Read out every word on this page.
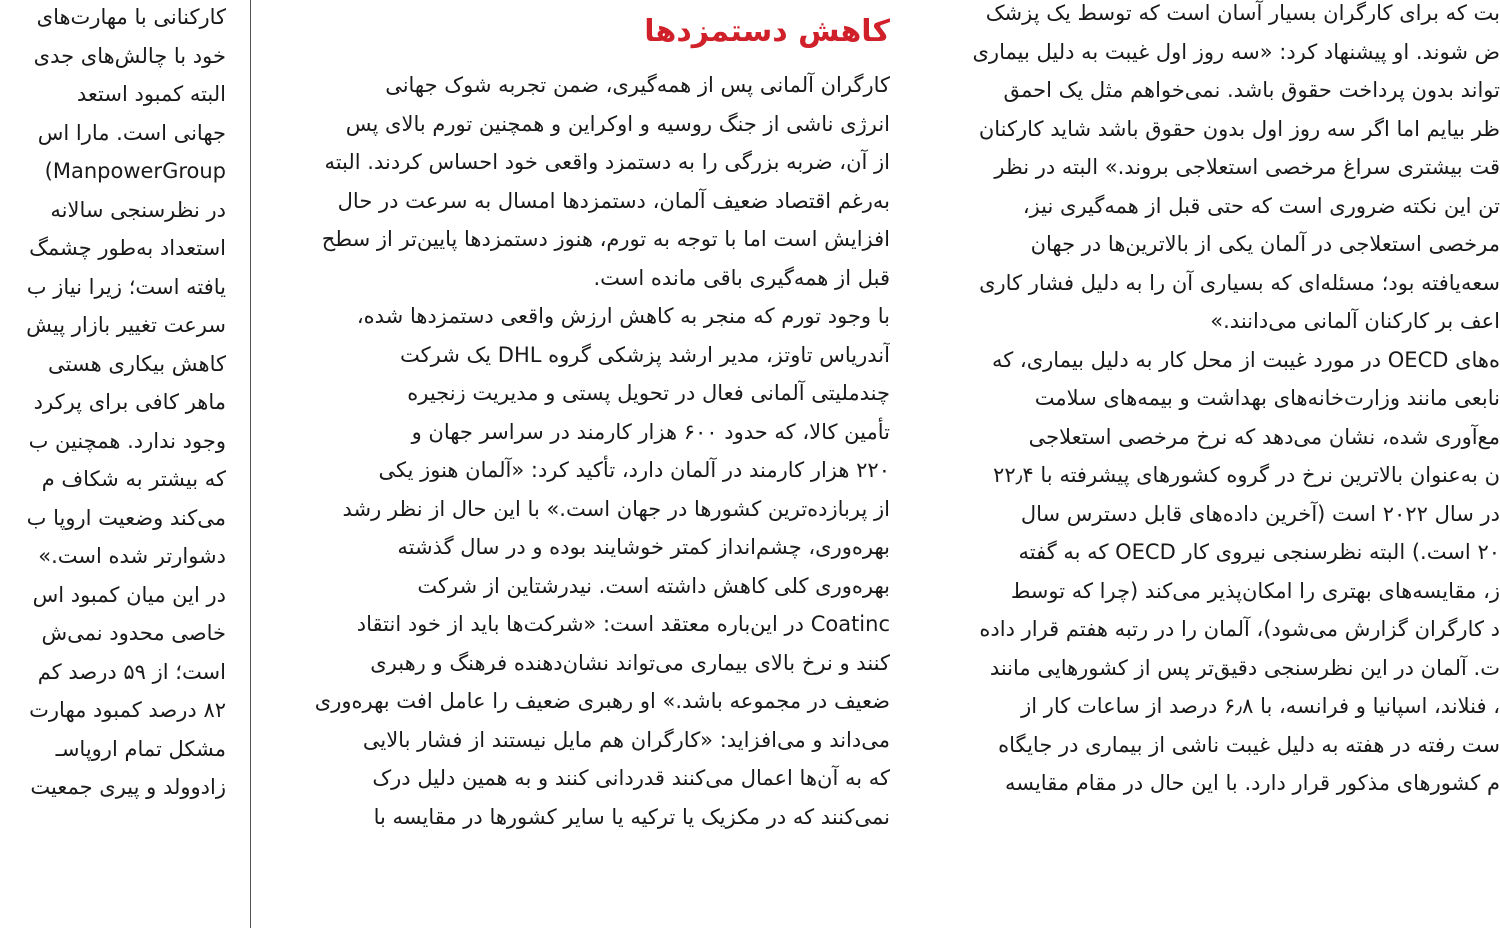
کارکنانی با مهارت‌های
خود با چالش‌های جدی
البته کمبود استعد
جهانی است. مارا اس
ManpowerGroup)
در نظرسنجی سالانه
استعداد به‌طور چشمگ
یافته است؛ زیرا نیاز ب
سرعت تغییر بازار پیش
کاهش بیکاری هستی
ماهر کافی برای پرکرد
وجود ندارد. همچنین ب
که بیشتر به شکاف م
می‌کند وضعیت اروپا ب
دشوارتر شده است.»
در این میان کمبود اس
خاصی محدود نمی‌ش
است؛ از ۵۹ درصد کم
۸۲ درصد کمبود مهارت
مشکل تمام اروپاسـ
زادوولد و پیری جمعیت
کاهش دستمزدها
کارگران آلمانی پس از همه‌گیری، ضمن تجربه شوک جهانی
انرژی ناشی از جنگ روسیه و اوکراین و همچنین تورم بالای پس
از آن، ضربه بزرگی را به دستمزد واقعی خود احساس کردند. البته
به‌رغم اقتصاد ضعیف آلمان، دستمزدها امسال به سرعت در حال
افزایش است اما با توجه به تورم، هنوز دستمزدها پایین‌تر از سطح
قبل از همه‌گیری باقی مانده است.
با وجود تورم که منجر به کاهش ارزش واقعی دستمزدها شده،
آندریاس تاوتز، مدیر ارشد پزشکی گروه DHL یک شرکت
چندملیتی آلمانی فعال در تحویل پستی و مدیریت زنجیره
تأمین کالا، که حدود ۶۰۰ هزار کارمند در سراسر جهان و
۲۲۰ هزار کارمند در آلمان دارد، تأکید کرد: «آلمان هنوز یکی
از پربازده‌ترین کشورها در جهان است.» با این حال از نظر رشد
بهره‌وری، چشم‌انداز کمتر خوشایند بوده و در سال گذشته
بهره‌وری کلی کاهش داشته است. نیدرشتاین از شرکت
Coatinc در این‌باره معتقد است: «شرکت‌ها باید از خود انتقاد
کنند و نرخ بالای بیماری می‌تواند نشان‌دهنده فرهنگ و رهبری
ضعیف در مجموعه باشد.» او رهبری ضعیف را عامل افت بهره‌وری
می‌داند و می‌افزاید: «کارگران هم مایل نیستند از فشار بالایی
که به آن‌ها اعمال می‌کنند قدردانی کنند و به همین دلیل درک
نمی‌کنند که در مکزیک یا ترکیه یا سایر کشورها در مقایسه با
بت که برای کارگران بسیار آسان است که توسط یک پزشک
ض شوند. او پیشنهاد کرد: «سه روز اول غیبت به دلیل بیماری
تواند بدون پرداخت حقوق باشد. نمی‌خواهم مثل یک احمق
ظر بیایم اما اگر سه روز اول بدون حقوق باشد شاید کارکنان
قت بیشتری سراغ مرخصی استعلاجی بروند.» البته در نظر
تن این نکته ضروری است که حتی قبل از همه‌گیری نیز،
مرخصی استعلاجی در آلمان یکی از بالاترین‌ها در جهان
سعه‌یافته بود؛ مسئله‌ای که بسیاری آن را به دلیل فشار کاری
اعف بر کارکنان آلمانی می‌دانند.»
ه‌های OECD در مورد غیبت از محل کار به دلیل بیماری، که
نابعی مانند وزارت‌خانه‌های بهداشت و بیمه‌های سلامت
مع‌آوری شده، نشان می‌دهد که نرخ مرخصی استعلاجی
ن به‌عنوان بالاترین نرخ در گروه کشورهای پیشرفته با ۲۲٫۴
در سال ۲۰۲۲ است (آخرین داده‌های قابل دسترس سال
۲۰ است.) البته نظرسنجی نیروی کار OECD که به گفته
ز، مقایسه‌های بهتری را امکان‌پذیر می‌کند (چرا که توسط
د کارگران گزارش می‌شود)، آلمان را در رتبه هفتم قرار داده
ت. آلمان در این نظرسنجی دقیق‌تر پس از کشورهایی مانند
، فنلاند، اسپانیا و فرانسه، با ۶٫۸ درصد از ساعات کار از
ست رفته در هفته به دلیل غیبت ناشی از بیماری در جایگاه
م کشورهای مذکور قرار دارد. با این حال در مقام مقایسه
